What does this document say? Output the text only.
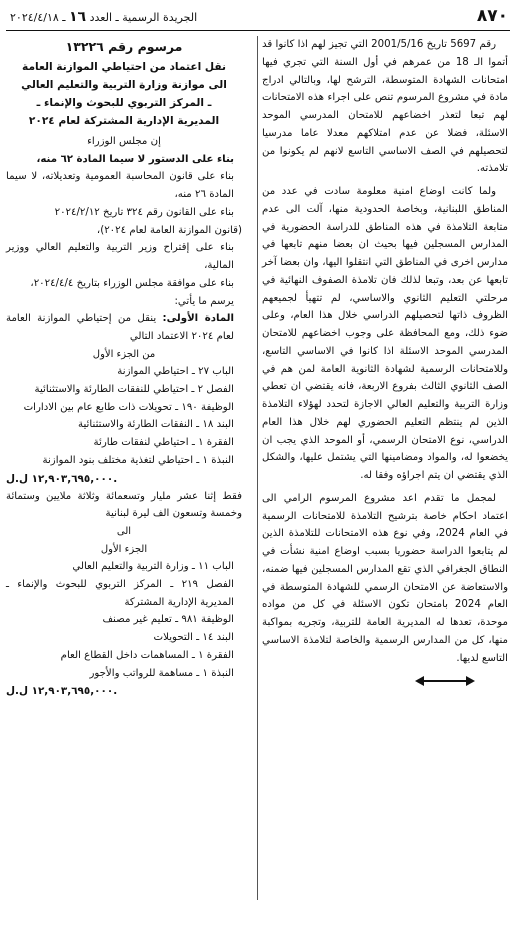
٨٧٠
الجريدة الرسمية ـ العدد ١٦ ـ ٢٠٢٤/٤/١٨

رقم 5697 تاريخ 2001/5/16 التي تجيز لهم اذا كانوا قد أتموا الـ 18 من عمرهم في أول السنة التي تجري فيها امتحانات الشهادة المتوسطة، الترشح لها، وبالتالي ادراج مادة في مشروع المرسوم تنص على اجراء هذه الامتحانات لهم تبعا لتعذر اخضاعهم للامتحان المدرسي الموحد الاسئلة، فضلا عن عدم امتلاكهم معدلا عاما مدرسيا لتحصيلهم في الصف الاساسي التاسع لانهم لم يكونوا من تلامذته.

ولما كانت اوضاع امنية معلومة سادت في عدد من المناطق اللبنانية، وبخاصة الحدودية منها، آلت الى عدم متابعة التلامذة في هذه المناطق للدراسة الحضورية في المدارس المسجلين فيها بحيث ان بعضا منهم تابعها في مدارس اخرى في المناطق التي انتقلوا اليها، وان بعضا آخر تابعها عن بعد، وتبعا لذلك فان تلامذة الصفوف النهائية في مرحلتي التعليم الثانوي والاساسي، لم تتهيأ لجميعهم الظروف ذاتها لتحصيلهم الدراسي خلال هذا العام، وعلى ضوء ذلك، ومع المحافظة على وجوب اخضاعهم للامتحان المدرسي الموحد الاسئلة اذا كانوا في الاساسي التاسع، وللامتحانات الرسمية لشهادة الثانوية العامة لمن هم في الصف الثانوي الثالث بفروع الاربعة، فانه يقتضي ان تعطي وزارة التربية والتعليم العالي الاجازة لتحدد لهؤلاء التلامذة الذين لم ينتظم التعليم الحضوري لهم خلال هذا العام الدراسي، نوع الامتحان الرسمي، أو الموحد الذي يجب ان يخضعوا له، والمواد ومضامينها التي يشتمل عليها، والشكل الذي يقتضي ان يتم اجراؤه وفقا له.

لمجمل ما تقدم اعد مشروع المرسوم الرامي الى اعتماد احكام خاصة بترشيح التلامذة للامتحانات الرسمية في العام 2024، وفي نوع هذه الامتحانات للتلامذة الذين لم يتابعوا الدراسة حضوريا بسبب اوضاع امنية نشأت في النطاق الجغرافي الذي تقع المدارس المسجلين فيها ضمنه، والاستعاضة عن الامتحان الرسمي للشهادة المتوسطة في العام 2024 بامتحان تكون الاسئلة في كل من مواده موحدة، تعدها له المديرية العامة للتربية، وتجريه بمواكبة منها، كل من المدارس الرسمية والخاصة لتلامذة الاساسي التاسع لديها.

مرسوم رقم ١٣٢٢٦

نقل اعتماد من احتياطي الموازنة العامة

الى موازنة وزارة التربية والتعليم العالي

ـ المركز التربوي للبحوث والإنماء ـ

المديرية الإدارية المشتركة لعام ٢٠٢٤

إن مجلس الوزراء

بناء على الدستور لا سيما المادة ٦٢ منه،

بناء على قانون المحاسبة العمومية وتعديلاته، لا سيما المادة ٢٦ منه،

بناء على القانون رقم ٣٢٤ تاريخ ٢٠٢٤/٢/١٢

(قانون الموازنة العامة لعام ٢٠٢٤)،

بناء على إقتراح وزير التربية والتعليم العالي ووزير المالية،

بناء على موافقة مجلس الوزراء بتاريخ ٢٠٢٤/٤/٤،

يرسم ما يأتي:

المادة الأولى: ينقل من إحتياطي الموازنة العامة لعام ٢٠٢٤ الاعتماد التالي

من الجزء الأول

الباب ٢٧ ـ احتياطي الموازنة

الفصل ٢ ـ احتياطي للنفقات الطارئة والاستثنائية

الوظيفة ١٩٠ ـ تحويلات ذات طابع عام بين الادارات

البند ١٨ ـ النفقات الطارئة والاستثنائية

الفقرة ١ ـ احتياطي لنفقات طارئة

النبذة ١ ـ احتياطي لتغذية مختلف بنود الموازنة

١٢,٩٠٣,٦٩٥,٠٠٠ ل.ل.

فقط إثنا عشر مليار وتسعمائة وثلاثة ملايين وستمائة وخمسة وتسعون الف ليرة لبنانية

الى

الجزء الأول

الباب ١١ ـ وزارة التربية والتعليم العالي

الفصل ٢١٩ ـ المركز التربوي للبحوث والإنماء ـ المديرية الإدارية المشتركة

الوظيفة ٩٨١ ـ تعليم غير مصنف

البند ١٤ ـ التحويلات

الفقرة ١ ـ المساهمات داخل القطاع العام

النبذة ١ ـ مساهمة للرواتب والأجور

١٢,٩٠٣,٦٩٥,٠٠٠ ل.ل.
